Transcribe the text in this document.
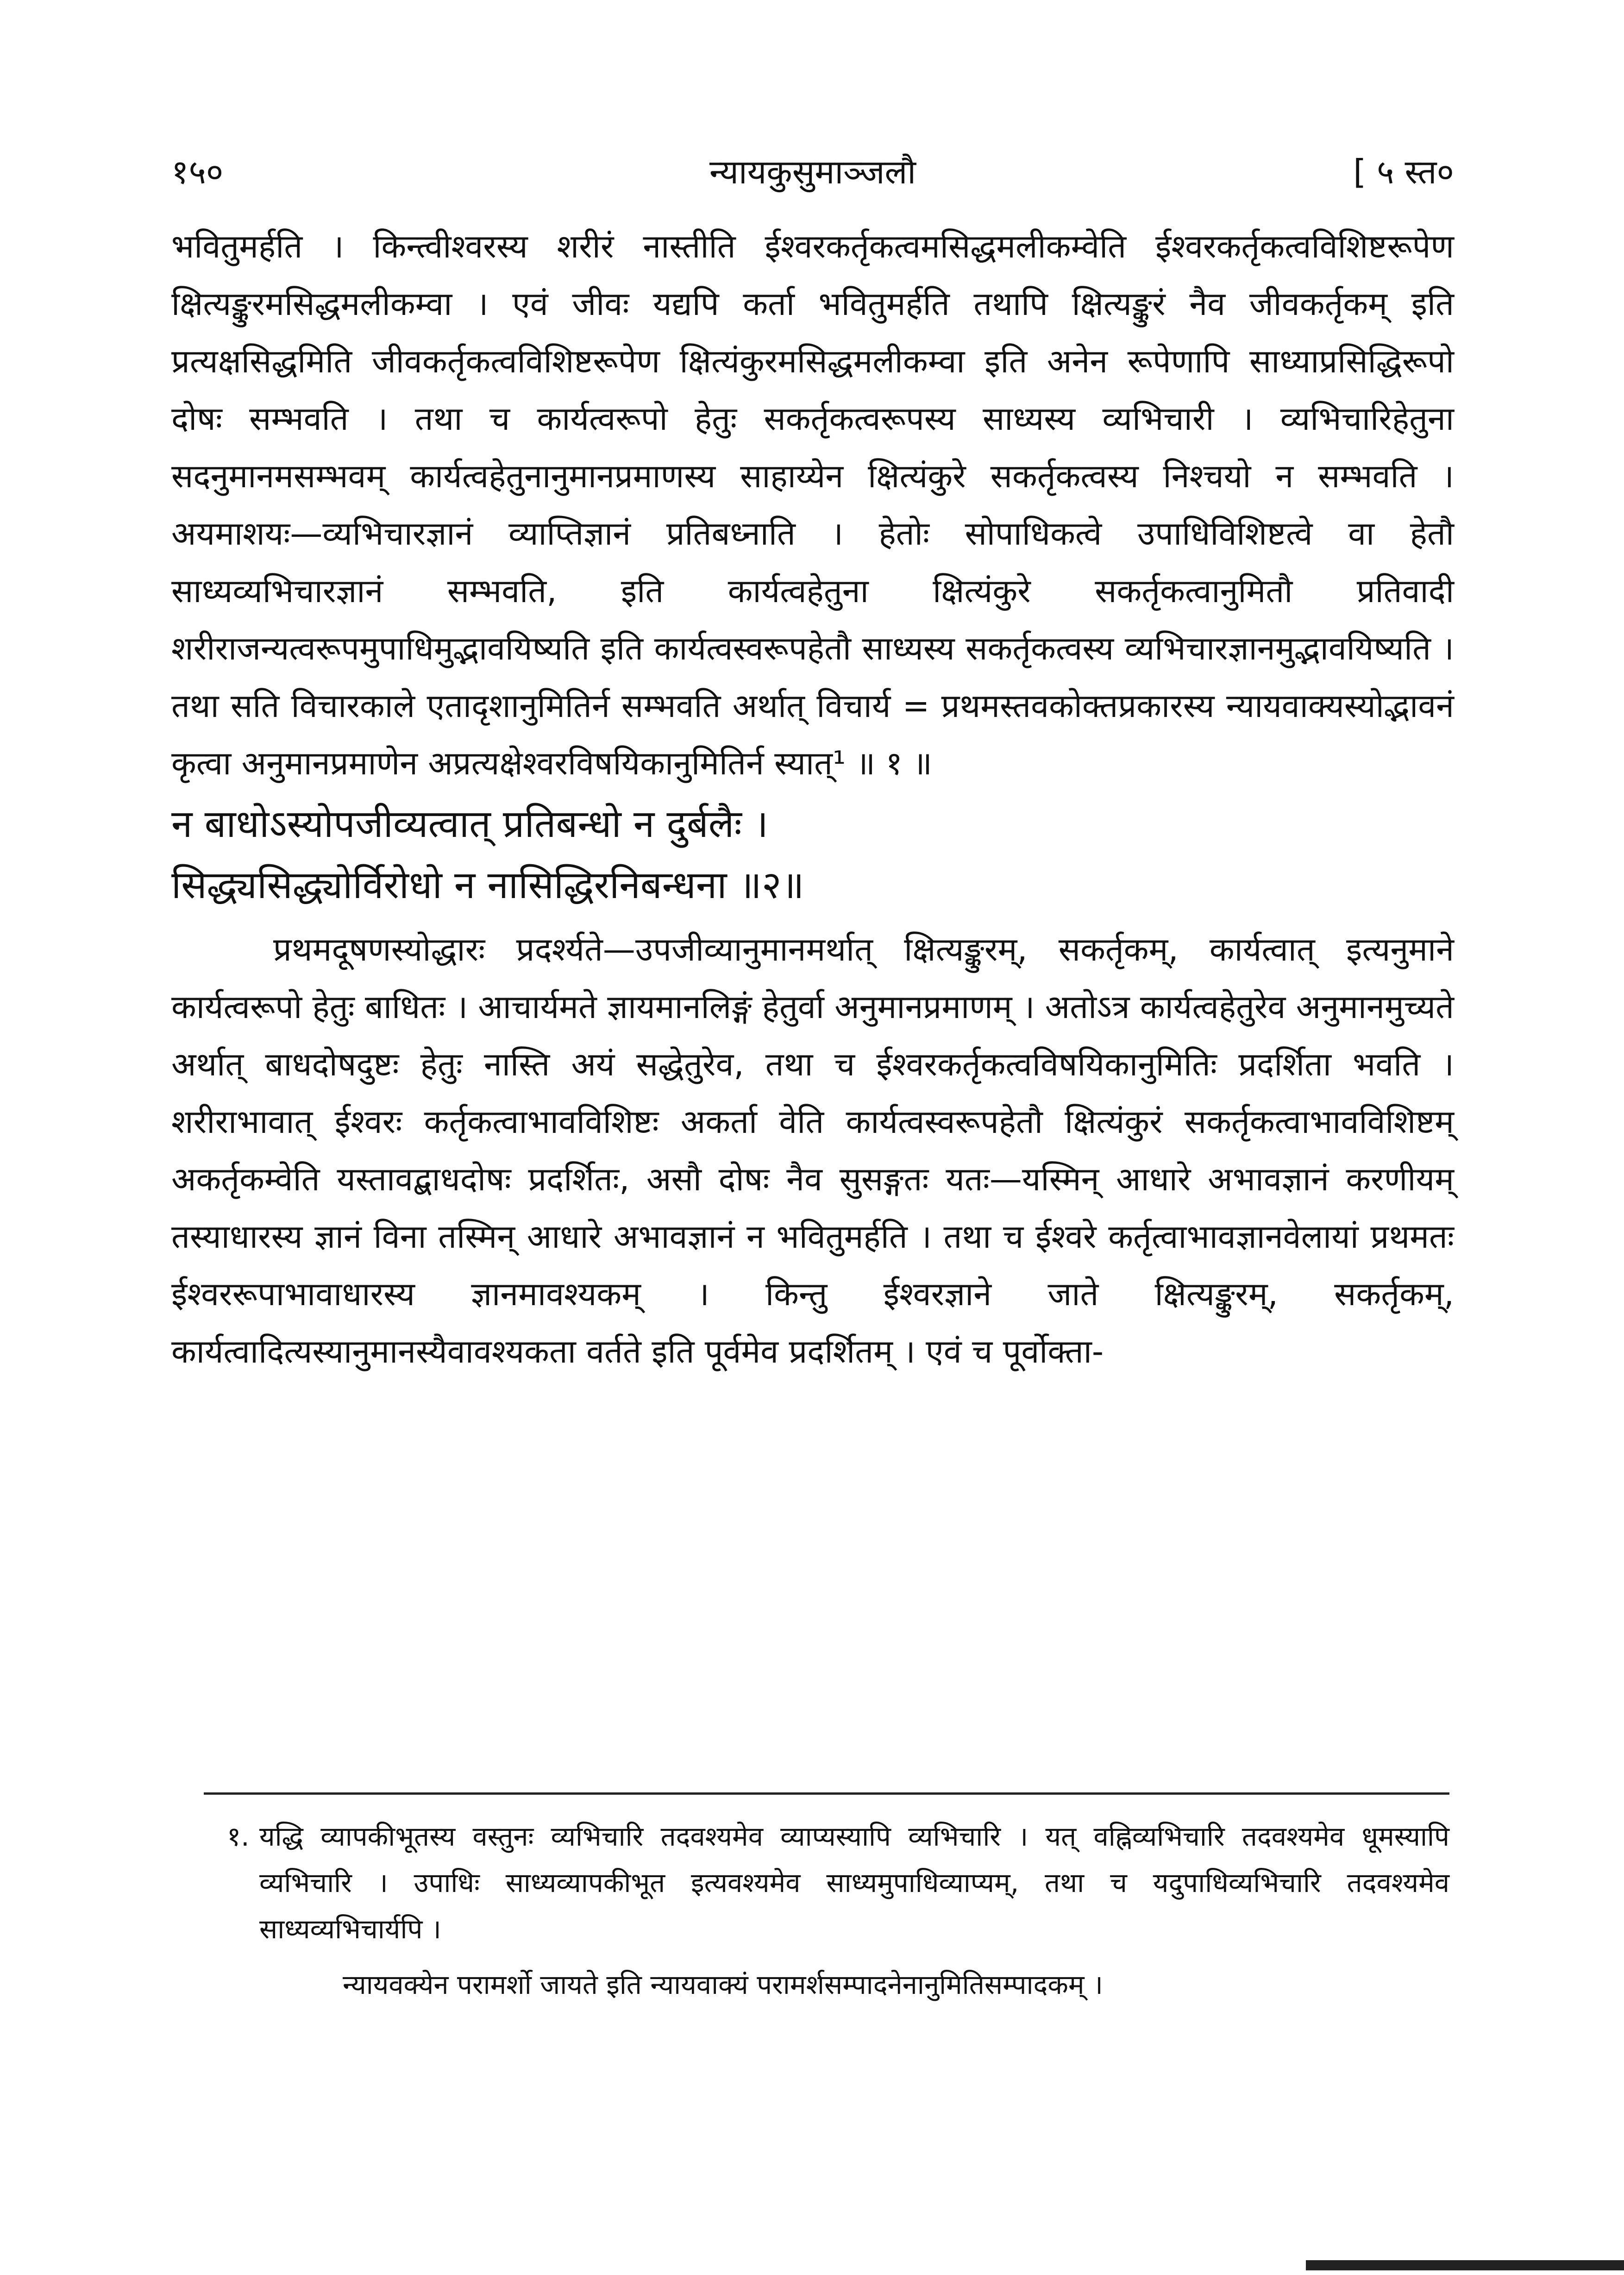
१५०	न्यायकुसुमाञ्जलौ	[ ५ स्त०

भवितुमर्हति । किन्त्वीश्वरस्य शरीरं नास्तीति ईश्वरकर्तृकत्वमसिद्धमलीकम्वेति ईश्वरकर्तृकत्वविशिष्टरूपेण क्षित्यङ्कुरमसिद्धमलीकम्वा । एवं जीवः यद्यपि कर्ता भवितुमर्हति तथापि क्षित्यङ्कुरं नैव जीवकर्तृकम् इति प्रत्यक्षसिद्धमिति जीवकर्तृकत्वविशिष्टरूपेण क्षित्यंकुरमसिद्धमलीकम्वा इति अनेन रूपेणापि साध्याप्रसिद्धिरूपो दोषः सम्भवति । तथा च कार्यत्वरूपो हेतुः सकर्तृकत्वरूपस्य साध्यस्य व्यभिचारी । व्यभिचारिहेतुना सदनुमानमसम्भवम् कार्यत्वहेतुनानुमानप्रमाणस्य साहाय्येन क्षित्यंकुरे सकर्तृकत्वस्य निश्चयो न सम्भवति । अयमाशयः—व्यभिचारज्ञानं व्याप्तिज्ञानं प्रतिबध्नाति । हेतोः सोपाधिकत्वे उपाधिविशिष्टत्वे वा हेतौ साध्यव्यभिचारज्ञानं सम्भवति, इति कार्यत्वहेतुना क्षित्यंकुरे सकर्तृकत्वानुमितौ प्रतिवादी शरीराजन्यत्वरूपमुपाधिमुद्भावयिष्यति इति कार्यत्वस्वरूपहेतौ साध्यस्य सकर्तृकत्वस्य व्यभिचारज्ञानमुद्भावयिष्यति । तथा सति विचारकाले एतादृशानुमितिर्न सम्भवति अर्थात् विचार्य = प्रथमस्तवकोक्तप्रकारस्य न्यायवाक्यस्योद्भावनं कृत्वा अनुमानप्रमाणेन अप्रत्यक्षेश्वरविषयिकानुमितिर्न स्यात्¹ ॥ १ ॥

न बाधोऽस्योपजीव्यत्वात् प्रतिबन्धो न दुर्बलैः ।

सिद्ध्यसिद्ध्योर्विरोधो न नासिद्धिरनिबन्धना ॥२॥

प्रथमदूषणस्योद्धारः प्रदर्श्यते—उपजीव्यानुमानमर्थात् क्षित्यङ्कुरम्, सकर्तृकम्, कार्यत्वात् इत्यनुमाने कार्यत्वरूपो हेतुः बाधितः । आचार्यमते ज्ञायमानलिङ्गं हेतुर्वा अनुमानप्रमाणम् । अतोऽत्र कार्यत्वहेतुरेव अनुमानमुच्यते अर्थात् बाधदोषदुष्टः हेतुः नास्ति अयं सद्धेतुरेव, तथा च ईश्वरकर्तृकत्वविषयिकानुमितिः प्रदर्शिता भवति । शरीराभावात् ईश्वरः कर्तृकत्वाभावविशिष्टः अकर्ता वेति कार्यत्वस्वरूपहेतौ क्षित्यंकुरं सकर्तृकत्वाभावविशिष्टम् अकर्तृकम्वेति यस्तावद्बाधदोषः प्रदर्शितः, असौ दोषः नैव सुसङ्गतः यतः—यस्मिन् आधारे अभावज्ञानं करणीयम् तस्याधारस्य ज्ञानं विना तस्मिन् आधारे अभावज्ञानं न भवितुमर्हति । तथा च ईश्वरे कर्तृत्वाभावज्ञानवेलायां प्रथमतः ईश्वररूपाभावाधारस्य ज्ञानमावश्यकम् । किन्तु ईश्वरज्ञाने जाते क्षित्यङ्कुरम्, सकर्तृकम्, कार्यत्वादित्यस्यानुमानस्यैवावश्यकता वर्तते इति पूर्वमेव प्रदर्शितम् । एवं च पूर्वोक्ता-

१. यद्धि व्यापकीभूतस्य वस्तुनः व्यभिचारि तदवश्यमेव व्याप्यस्यापि व्यभिचारि । यत् वह्निव्यभिचारि तदवश्यमेव धूमस्यापि व्यभिचारि । उपाधिः साध्यव्यापकीभूत इत्यवश्यमेव साध्यमुपाधिव्याप्यम्, तथा च यदुपाधिव्यभिचारि तदवश्यमेव साध्यव्यभिचार्यपि ।

न्यायवक्येन परामर्शो जायते इति न्यायवाक्यं परामर्शसम्पादनेनानुमितिसम्पादकम् ।
